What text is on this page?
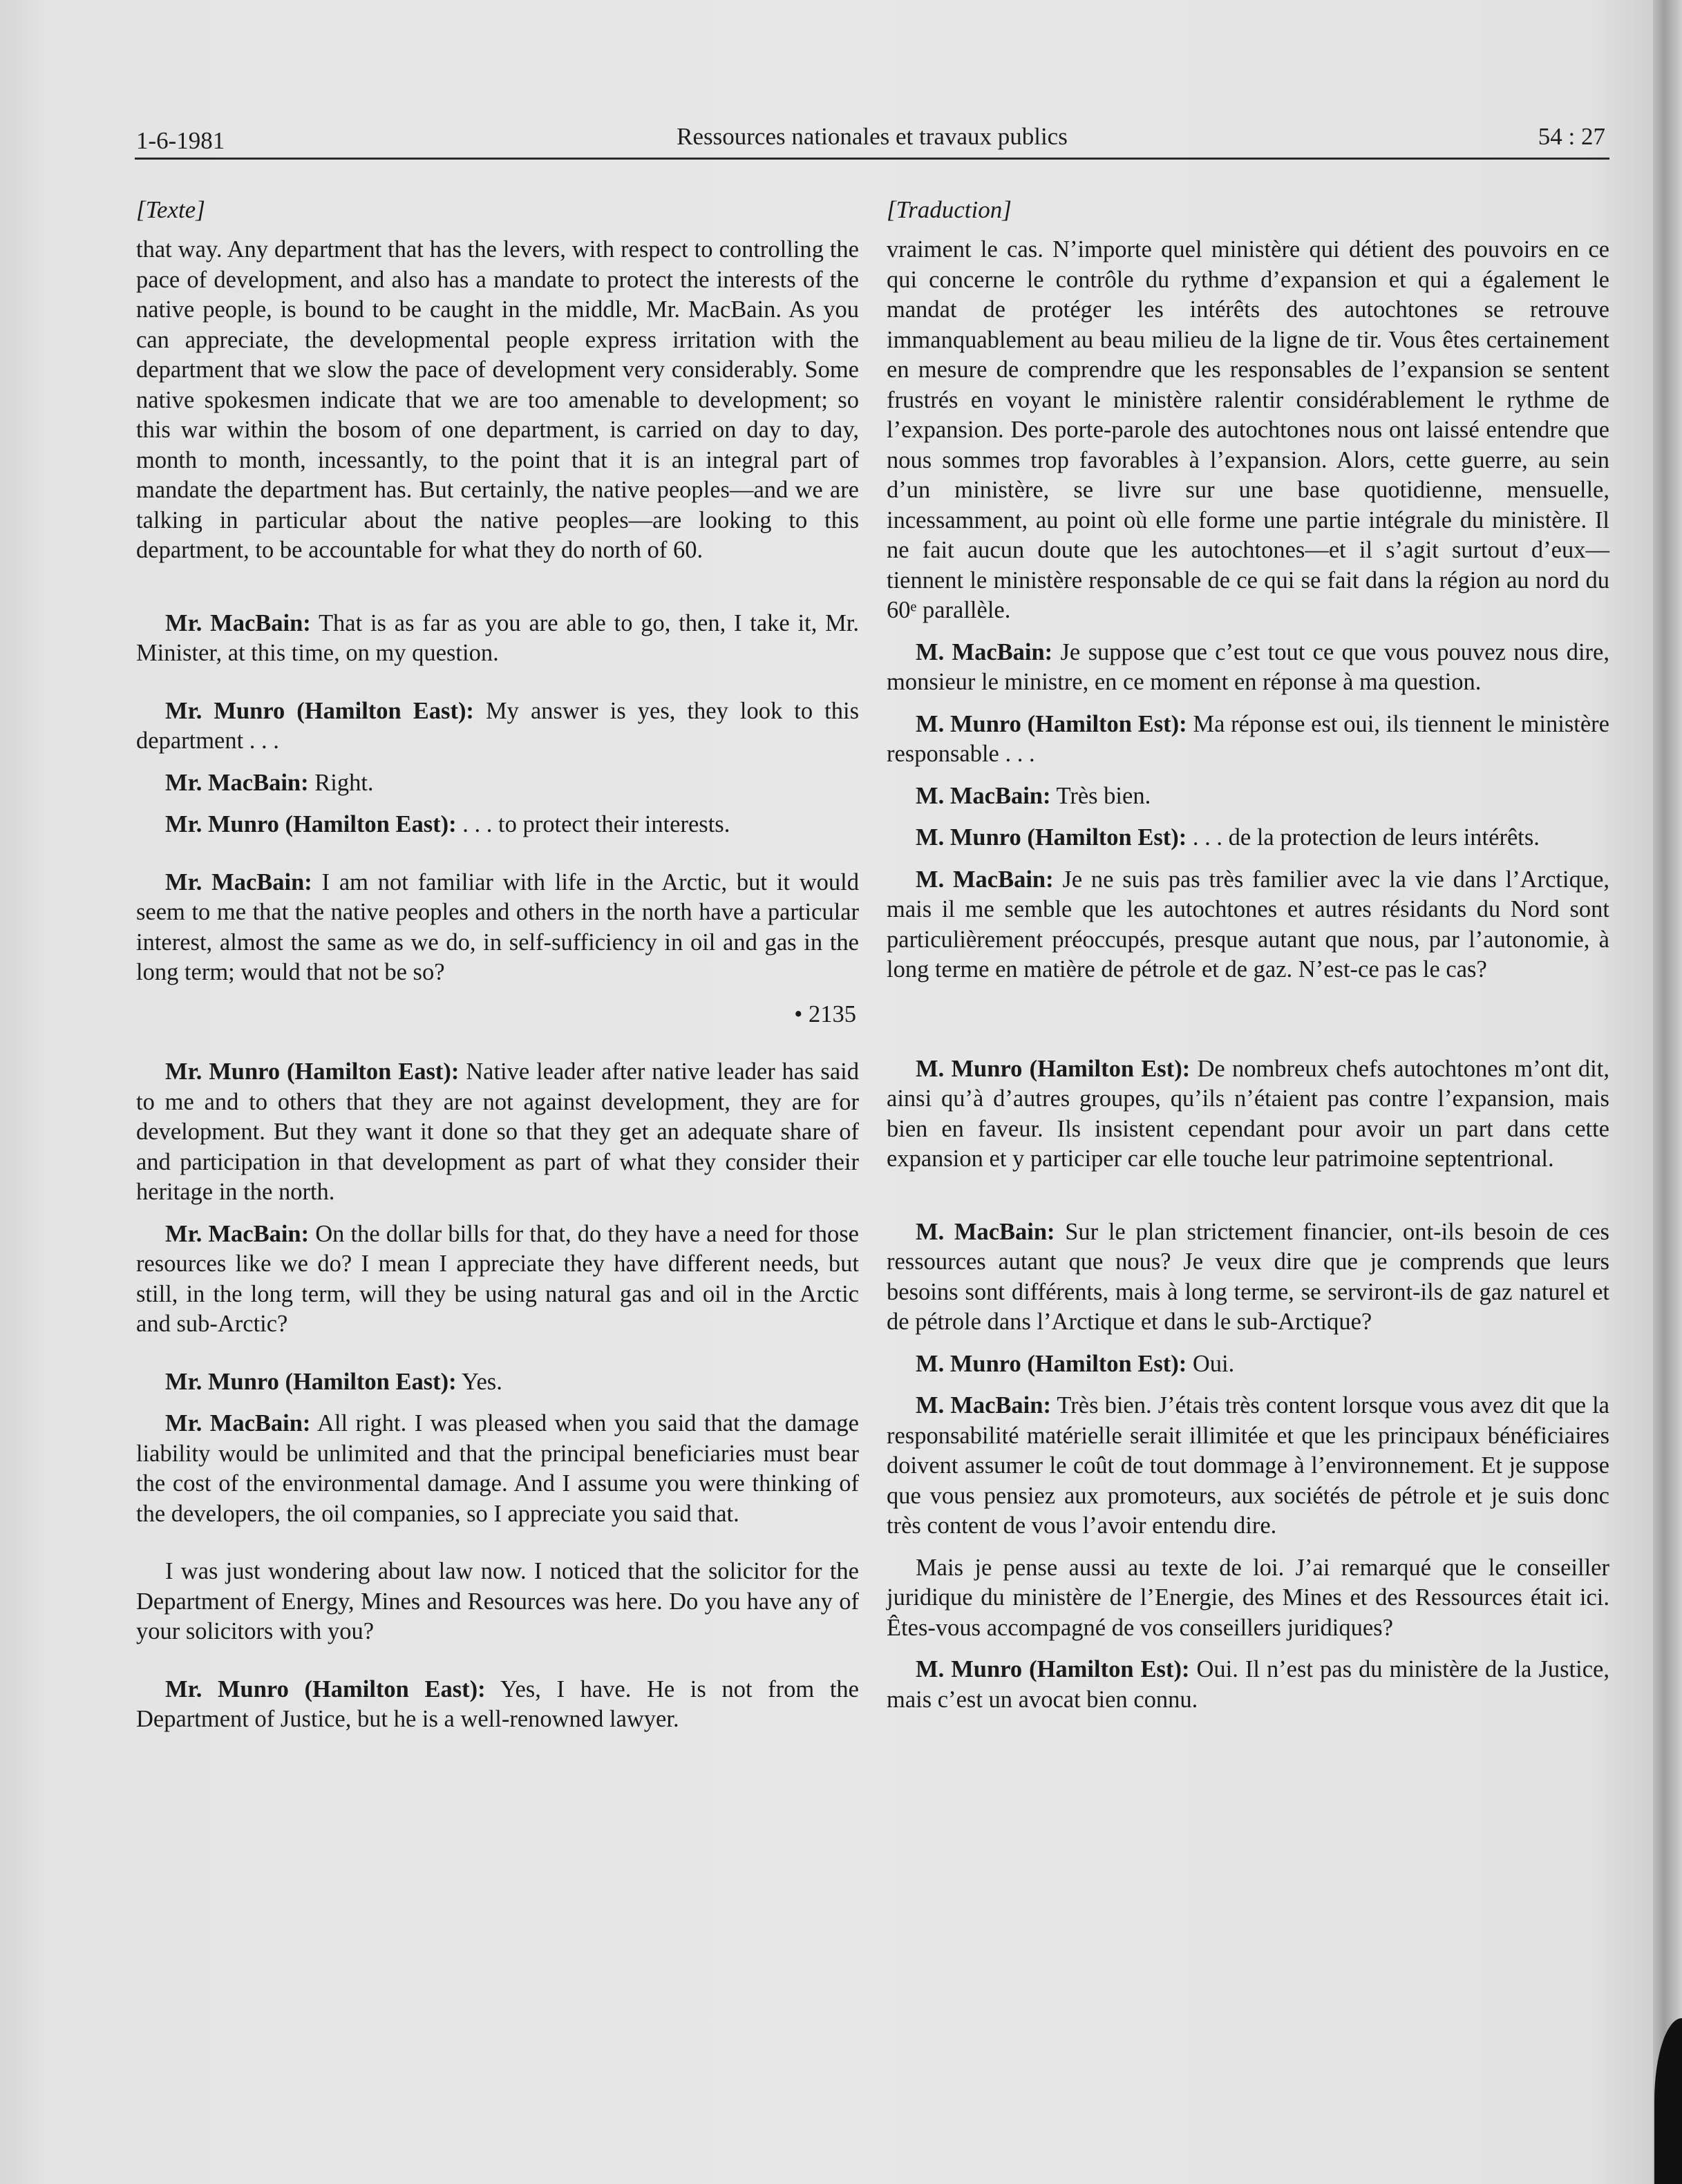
1-6-1981	Ressources nationales et travaux publics	54 : 27

[Texte]

that way. Any department that has the levers, with respect to controlling the pace of development, and also has a mandate to protect the interests of the native people, is bound to be caught in the middle, Mr. MacBain. As you can appreciate, the developmental people express irritation with the department that we slow the pace of development very considerably. Some native spokesmen indicate that we are too amenable to development; so this war within the bosom of one department, is carried on day to day, month to month, incessantly, to the point that it is an integral part of mandate the department has. But certainly, the native peoples—and we are talking in particular about the native peoples—are looking to this department, to be accountable for what they do north of 60.

Mr. MacBain: That is as far as you are able to go, then, I take it, Mr. Minister, at this time, on my question.

Mr. Munro (Hamilton East): My answer is yes, they look to this department . . .

Mr. MacBain: Right.

Mr. Munro (Hamilton East): . . . to protect their interests.

Mr. MacBain: I am not familiar with life in the Arctic, but it would seem to me that the native peoples and others in the north have a particular interest, almost the same as we do, in self-sufficiency in oil and gas in the long term; would that not be so?

• 2135

Mr. Munro (Hamilton East): Native leader after native leader has said to me and to others that they are not against development, they are for development. But they want it done so that they get an adequate share of and participation in that development as part of what they consider their heritage in the north.

Mr. MacBain: On the dollar bills for that, do they have a need for those resources like we do? I mean I appreciate they have different needs, but still, in the long term, will they be using natural gas and oil in the Arctic and sub-Arctic?

Mr. Munro (Hamilton East): Yes.

Mr. MacBain: All right. I was pleased when you said that the damage liability would be unlimited and that the principal beneficiaries must bear the cost of the environmental damage. And I assume you were thinking of the developers, the oil companies, so I appreciate you said that.

I was just wondering about law now. I noticed that the solicitor for the Department of Energy, Mines and Resources was here. Do you have any of your solicitors with you?

Mr. Munro (Hamilton East): Yes, I have. He is not from the Department of Justice, but he is a well-renowned lawyer.

[Traduction]

vraiment le cas. N’importe quel ministère qui détient des pouvoirs en ce qui concerne le contrôle du rythme d’expansion et qui a également le mandat de protéger les intérêts des autochtones se retrouve immanquablement au beau milieu de la ligne de tir. Vous êtes certainement en mesure de comprendre que les responsables de l’expansion se sentent frustrés en voyant le ministère ralentir considérablement le rythme de l’expansion. Des porte-parole des autochtones nous ont laissé entendre que nous sommes trop favorables à l’expansion. Alors, cette guerre, au sein d’un ministère, se livre sur une base quotidienne, mensuelle, incessamment, au point où elle forme une partie intégrale du ministère. Il ne fait aucun doute que les autochtones—et il s’agit surtout d’eux—tiennent le ministère responsable de ce qui se fait dans la région au nord du 60ᵉ parallèle.

M. MacBain: Je suppose que c’est tout ce que vous pouvez nous dire, monsieur le ministre, en ce moment en réponse à ma question.

M. Munro (Hamilton Est): Ma réponse est oui, ils tiennent le ministère responsable . . .

M. MacBain: Très bien.

M. Munro (Hamilton Est): . . . de la protection de leurs intérêts.

M. MacBain: Je ne suis pas très familier avec la vie dans l’Arctique, mais il me semble que les autochtones et autres résidants du Nord sont particulièrement préoccupés, presque autant que nous, par l’autonomie, à long terme en matière de pétrole et de gaz. N’est-ce pas le cas?

M. Munro (Hamilton Est): De nombreux chefs autochtones m’ont dit, ainsi qu’à d’autres groupes, qu’ils n’étaient pas contre l’expansion, mais bien en faveur. Ils insistent cependant pour avoir un part dans cette expansion et y participer car elle touche leur patrimoine septentrional.

M. MacBain: Sur le plan strictement financier, ont-ils besoin de ces ressources autant que nous? Je veux dire que je comprends que leurs besoins sont différents, mais à long terme, se serviront-ils de gaz naturel et de pétrole dans l’Arctique et dans le sub-Arctique?

M. Munro (Hamilton Est): Oui.

M. MacBain: Très bien. J’étais très content lorsque vous avez dit que la responsabilité matérielle serait illimitée et que les principaux bénéficiaires doivent assumer le coût de tout dommage à l’environnement. Et je suppose que vous pensiez aux promoteurs, aux sociétés de pétrole et je suis donc très content de vous l’avoir entendu dire.

Mais je pense aussi au texte de loi. J’ai remarqué que le conseiller juridique du ministère de l’Energie, des Mines et des Ressources était ici. Êtes-vous accompagné de vos conseillers juridiques?

M. Munro (Hamilton Est): Oui. Il n’est pas du ministère de la Justice, mais c’est un avocat bien connu.
